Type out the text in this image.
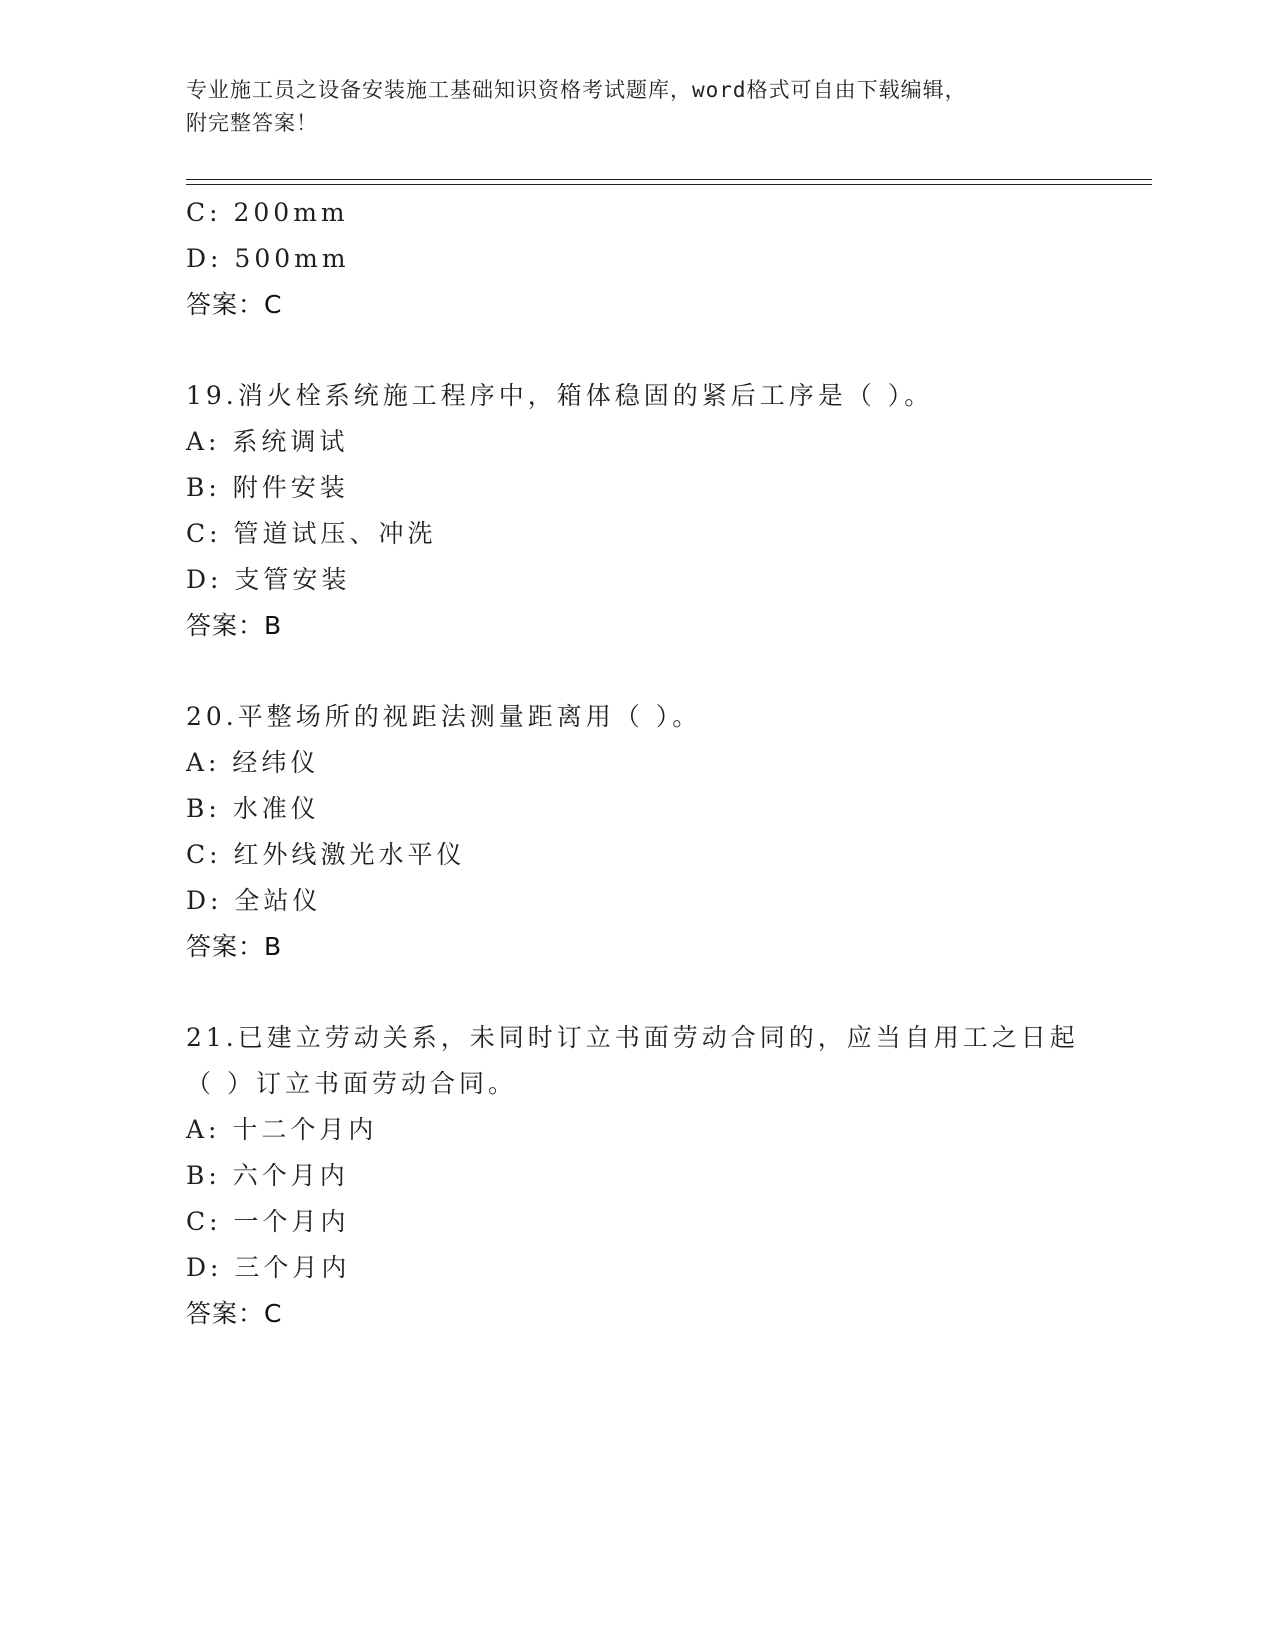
专业施工员之设备安装施工基础知识资格考试题库，word格式可自由下载编辑，
附完整答案！
C: 200mm
D: 500mm
答案：C
19.消火栓系统施工程序中，箱体稳固的紧后工序是（ ）。
A: 系统调试
B: 附件安装
C: 管道试压、冲洗
D: 支管安装
答案：B
20.平整场所的视距法测量距离用（ ）。
A: 经纬仪
B: 水准仪
C: 红外线激光水平仪
D: 全站仪
答案：B
21.已建立劳动关系，未同时订立书面劳动合同的，应当自用工之日起
（ ）订立书面劳动合同。
A: 十二个月内
B: 六个月内
C: 一个月内
D: 三个月内
答案：C
